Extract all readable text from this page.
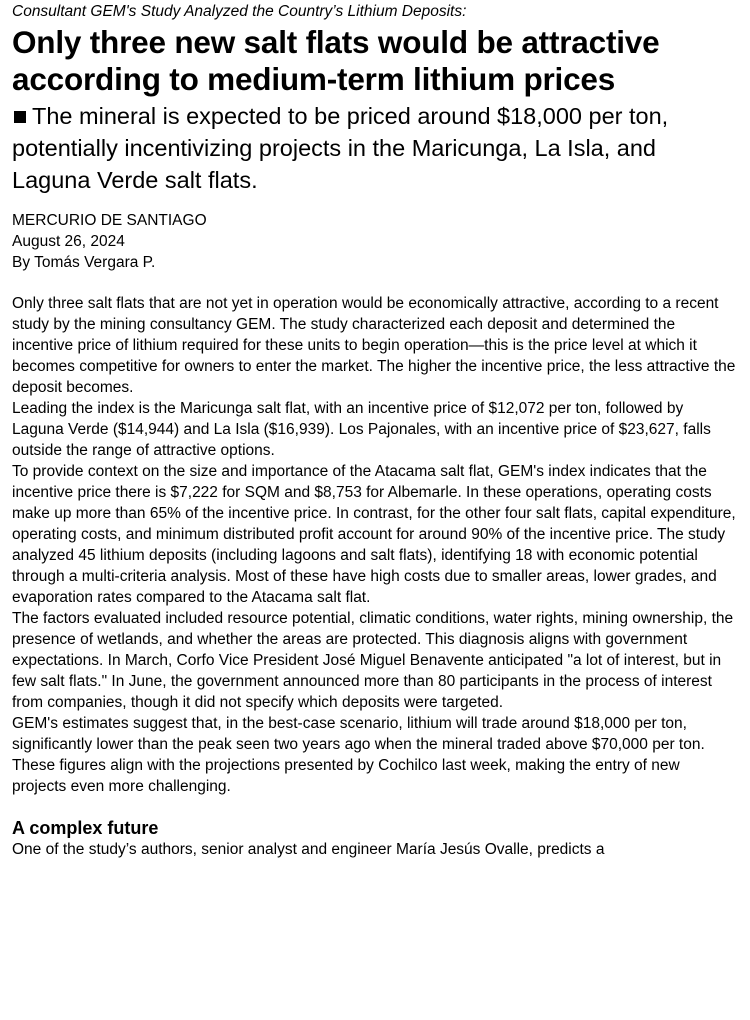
Consultant GEM's Study Analyzed the Country’s Lithium Deposits:

Only three new salt flats would be attractive according to medium-term lithium prices

The mineral is expected to be priced around $18,000 per ton, potentially incentivizing projects in the Maricunga, La Isla, and Laguna Verde salt flats.

MERCURIO DE SANTIAGO
August 26, 2024
By Tomás Vergara P.

Only three salt flats that are not yet in operation would be economically attractive, according to a recent study by the mining consultancy GEM. The study characterized each deposit and determined the incentive price of lithium required for these units to begin operation—this is the price level at which it becomes competitive for owners to enter the market. The higher the incentive price, the less attractive the deposit becomes.

Leading the index is the Maricunga salt flat, with an incentive price of $12,072 per ton, followed by Laguna Verde ($14,944) and La Isla ($16,939). Los Pajonales, with an incentive price of $23,627, falls outside the range of attractive options.

To provide context on the size and importance of the Atacama salt flat, GEM's index indicates that the incentive price there is $7,222 for SQM and $8,753 for Albemarle. In these operations, operating costs make up more than 65% of the incentive price. In contrast, for the other four salt flats, capital expenditure, operating costs, and minimum distributed profit account for around 90% of the incentive price. The study analyzed 45 lithium deposits (including lagoons and salt flats), identifying 18 with economic potential through a multi-criteria analysis. Most of these have high costs due to smaller areas, lower grades, and evaporation rates compared to the Atacama salt flat.

The factors evaluated included resource potential, climatic conditions, water rights, mining ownership, the presence of wetlands, and whether the areas are protected. This diagnosis aligns with government expectations. In March, Corfo Vice President José Miguel Benavente anticipated "a lot of interest, but in few salt flats." In June, the government announced more than 80 participants in the process of interest from companies, though it did not specify which deposits were targeted.

GEM's estimates suggest that, in the best-case scenario, lithium will trade around $18,000 per ton, significantly lower than the peak seen two years ago when the mineral traded above $70,000 per ton. These figures align with the projections presented by Cochilco last week, making the entry of new projects even more challenging.

A complex future

One of the study’s authors, senior analyst and engineer María Jesús Ovalle, predicts a
